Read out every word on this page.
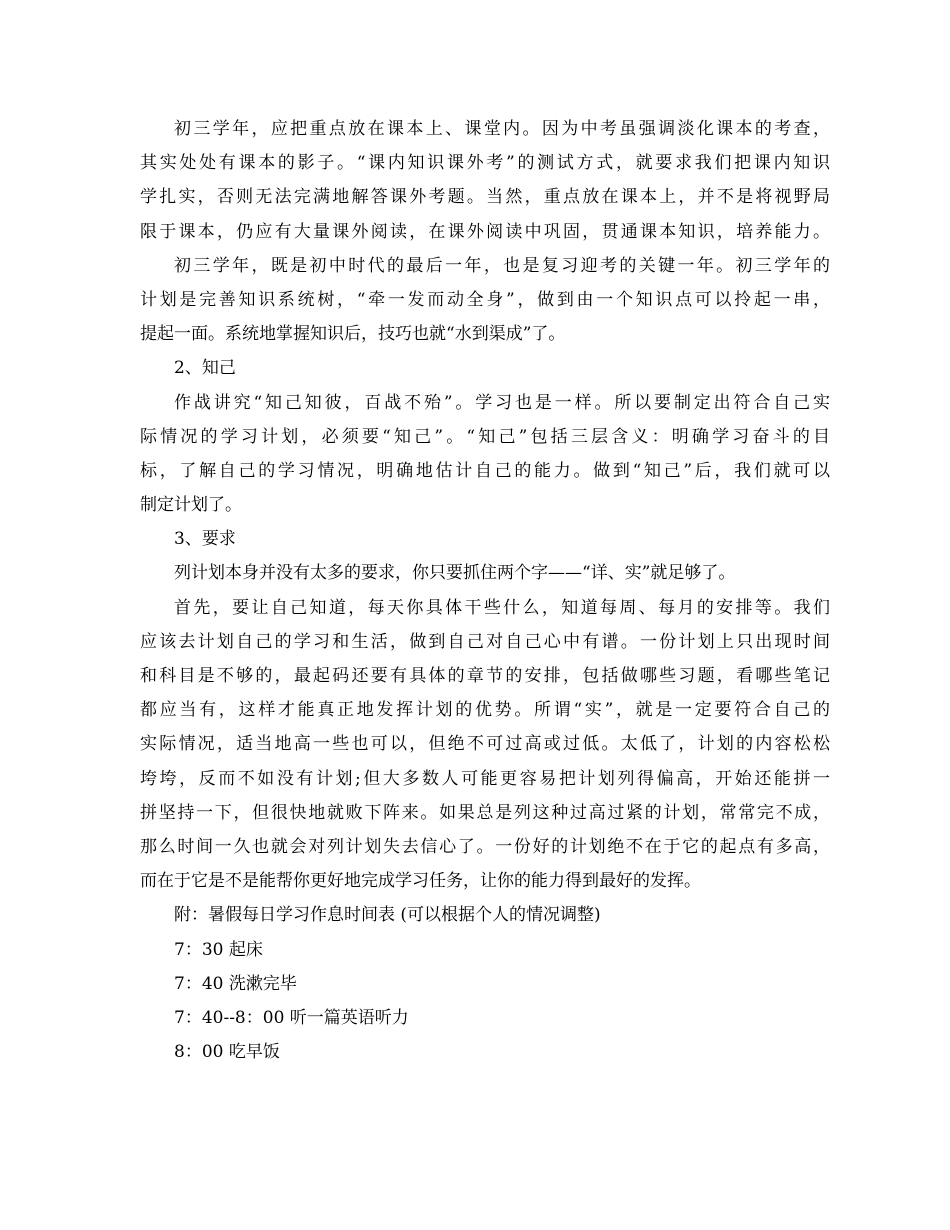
初三学年，应把重点放在课本上、课堂内。因为中考虽强调淡化课本的考查，
其实处处有课本的影子。“课内知识课外考”的测试方式，就要求我们把课内知识
学扎实，否则无法完满地解答课外考题。当然，重点放在课本上，并不是将视野局
限于课本，仍应有大量课外阅读，在课外阅读中巩固，贯通课本知识，培养能力。
初三学年，既是初中时代的最后一年，也是复习迎考的关键一年。初三学年的
计划是完善知识系统树，“牵一发而动全身”，做到由一个知识点可以拎起一串，
提起一面。系统地掌握知识后，技巧也就“水到渠成”了。
2、知己
作战讲究“知己知彼，百战不殆”。学习也是一样。所以要制定出符合自己实
际情况的学习计划，必须要“知己”。“知己”包括三层含义：明确学习奋斗的目
标，了解自己的学习情况，明确地估计自己的能力。做到“知己”后，我们就可以
制定计划了。
3、要求
列计划本身并没有太多的要求，你只要抓住两个字——“详、实”就足够了。
首先，要让自己知道，每天你具体干些什么，知道每周、每月的安排等。我们
应该去计划自己的学习和生活，做到自己对自己心中有谱。一份计划上只出现时间
和科目是不够的，最起码还要有具体的章节的安排，包括做哪些习题，看哪些笔记
都应当有，这样才能真正地发挥计划的优势。所谓“实”，就是一定要符合自己的
实际情况，适当地高一些也可以，但绝不可过高或过低。太低了，计划的内容松松
垮垮，反而不如没有计划;但大多数人可能更容易把计划列得偏高，开始还能拼一
拼坚持一下，但很快地就败下阵来。如果总是列这种过高过紧的计划，常常完不成，
那么时间一久也就会对列计划失去信心了。一份好的计划绝不在于它的起点有多高，
而在于它是不是能帮你更好地完成学习任务，让你的能力得到最好的发挥。
附：暑假每日学习作息时间表 (可以根据个人的情况调整)
7：30 起床
7：40 洗漱完毕
7：40--8：00 听一篇英语听力
8：00 吃早饭
